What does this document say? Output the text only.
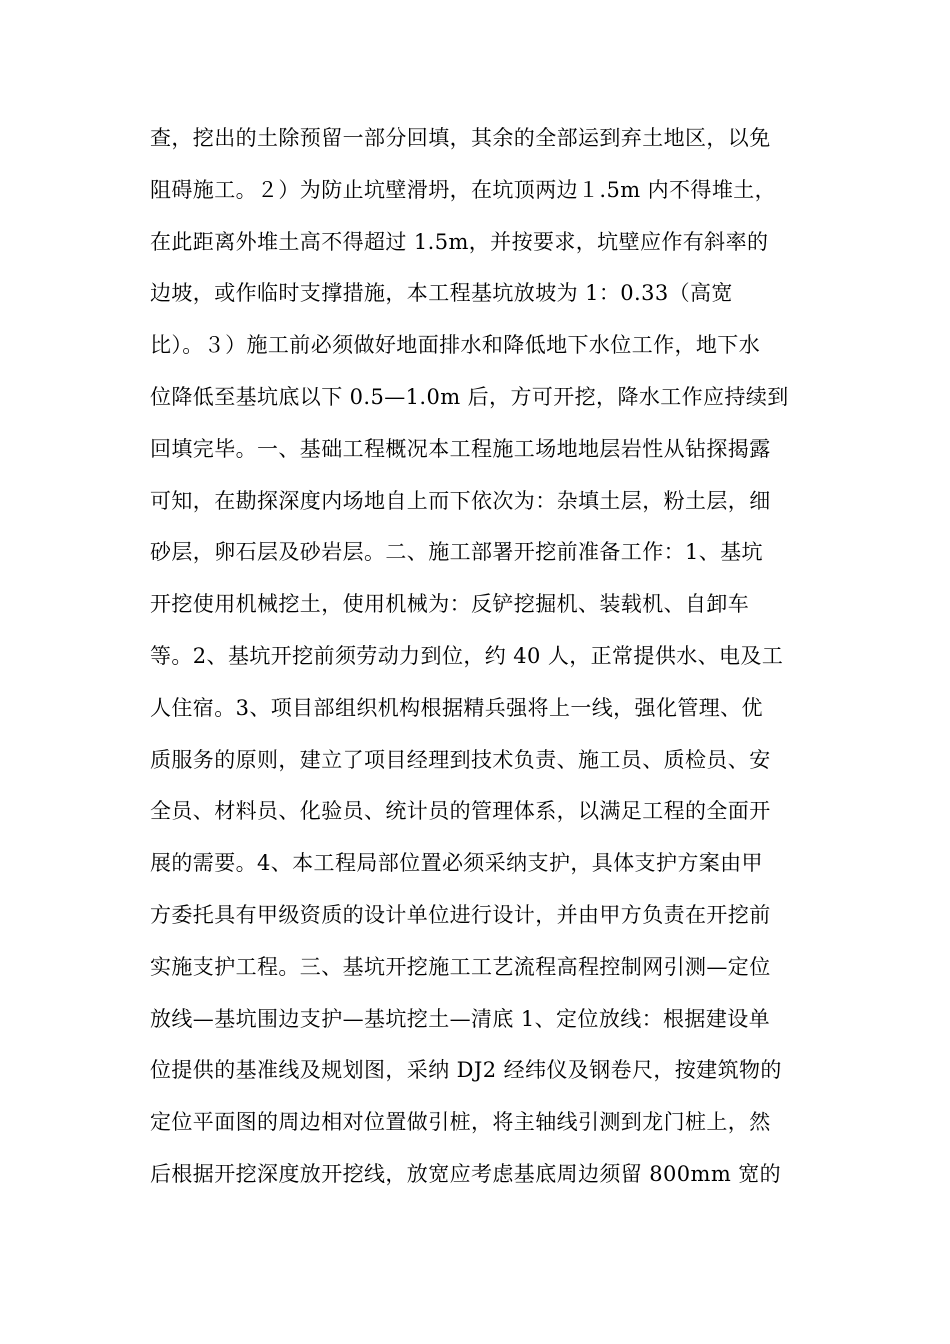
查，挖出的土除预留一部分回填，其余的全部运到弃土地区，以免
阻碍施工。２）为防止坑壁滑坍，在坑顶两边１.5m 内不得堆土，
在此距离外堆土高不得超过 1.5m，并按要求，坑壁应作有斜率的
边坡，或作临时支撑措施，本工程基坑放坡为 1：0.33（高宽
比）。３）施工前必须做好地面排水和降低地下水位工作，地下水
位降低至基坑底以下 0.5—1.0m 后，方可开挖，降水工作应持续到
回填完毕。一、基础工程概况本工程施工场地地层岩性从钻探揭露
可知，在勘探深度内场地自上而下依次为：杂填土层，粉土层，细
砂层，卵石层及砂岩层。二、施工部署开挖前准备工作：1、基坑
开挖使用机械挖土，使用机械为：反铲挖掘机、装载机、自卸车
等。2、基坑开挖前须劳动力到位，约 40 人，正常提供水、电及工
人住宿。3、项目部组织机构根据精兵强将上一线，强化管理、优
质服务的原则，建立了项目经理到技术负责、施工员、质检员、安
全员、材料员、化验员、统计员的管理体系，以满足工程的全面开
展的需要。4、本工程局部位置必须采纳支护，具体支护方案由甲
方委托具有甲级资质的设计单位进行设计，并由甲方负责在开挖前
实施支护工程。三、基坑开挖施工工艺流程高程控制网引测—定位
放线—基坑围边支护—基坑挖土—清底 1、定位放线：根据建设单
位提供的基准线及规划图，采纳 DJ2 经纬仪及钢卷尺，按建筑物的
定位平面图的周边相对位置做引桩，将主轴线引测到龙门桩上，然
后根据开挖深度放开挖线，放宽应考虑基底周边须留 800mm 宽的
